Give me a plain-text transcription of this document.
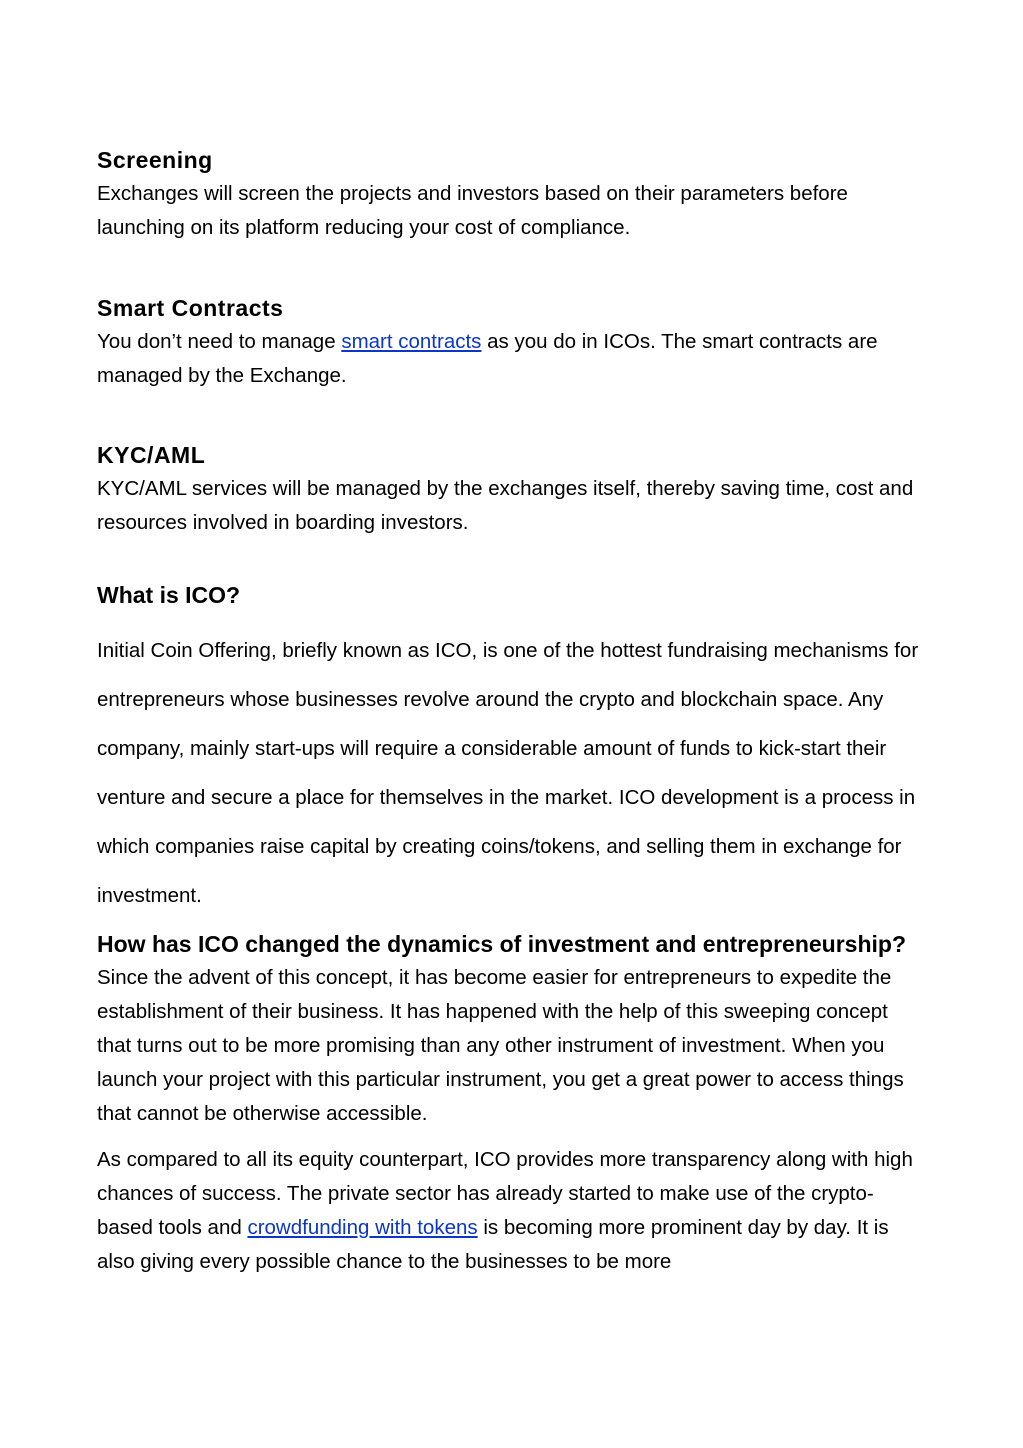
Screening

Exchanges will screen the projects and investors based on their parameters before launching on its platform reducing your cost of compliance.

Smart Contracts

You don’t need to manage smart contracts as you do in ICOs. The smart contracts are managed by the Exchange.

KYC/AML

KYC/AML services will be managed by the exchanges itself, thereby saving time, cost and resources involved in boarding investors.

What is ICO?

Initial Coin Offering, briefly known as ICO, is one of the hottest fundraising mechanisms for entrepreneurs whose businesses revolve around the crypto and blockchain space. Any company, mainly start-ups will require a considerable amount of funds to kick-start their venture and secure a place for themselves in the market. ICO development is a process in which companies raise capital by creating coins/tokens, and selling them in exchange for investment.

How has ICO changed the dynamics of investment and entrepreneurship?

Since the advent of this concept, it has become easier for entrepreneurs to expedite the establishment of their business. It has happened with the help of this sweeping concept that turns out to be more promising than any other instrument of investment. When you launch your project with this particular instrument, you get a great power to access things that cannot be otherwise accessible.

As compared to all its equity counterpart, ICO provides more transparency along with high chances of success. The private sector has already started to make use of the crypto-based tools and crowdfunding with tokens is becoming more prominent day by day. It is also giving every possible chance to the businesses to be more
